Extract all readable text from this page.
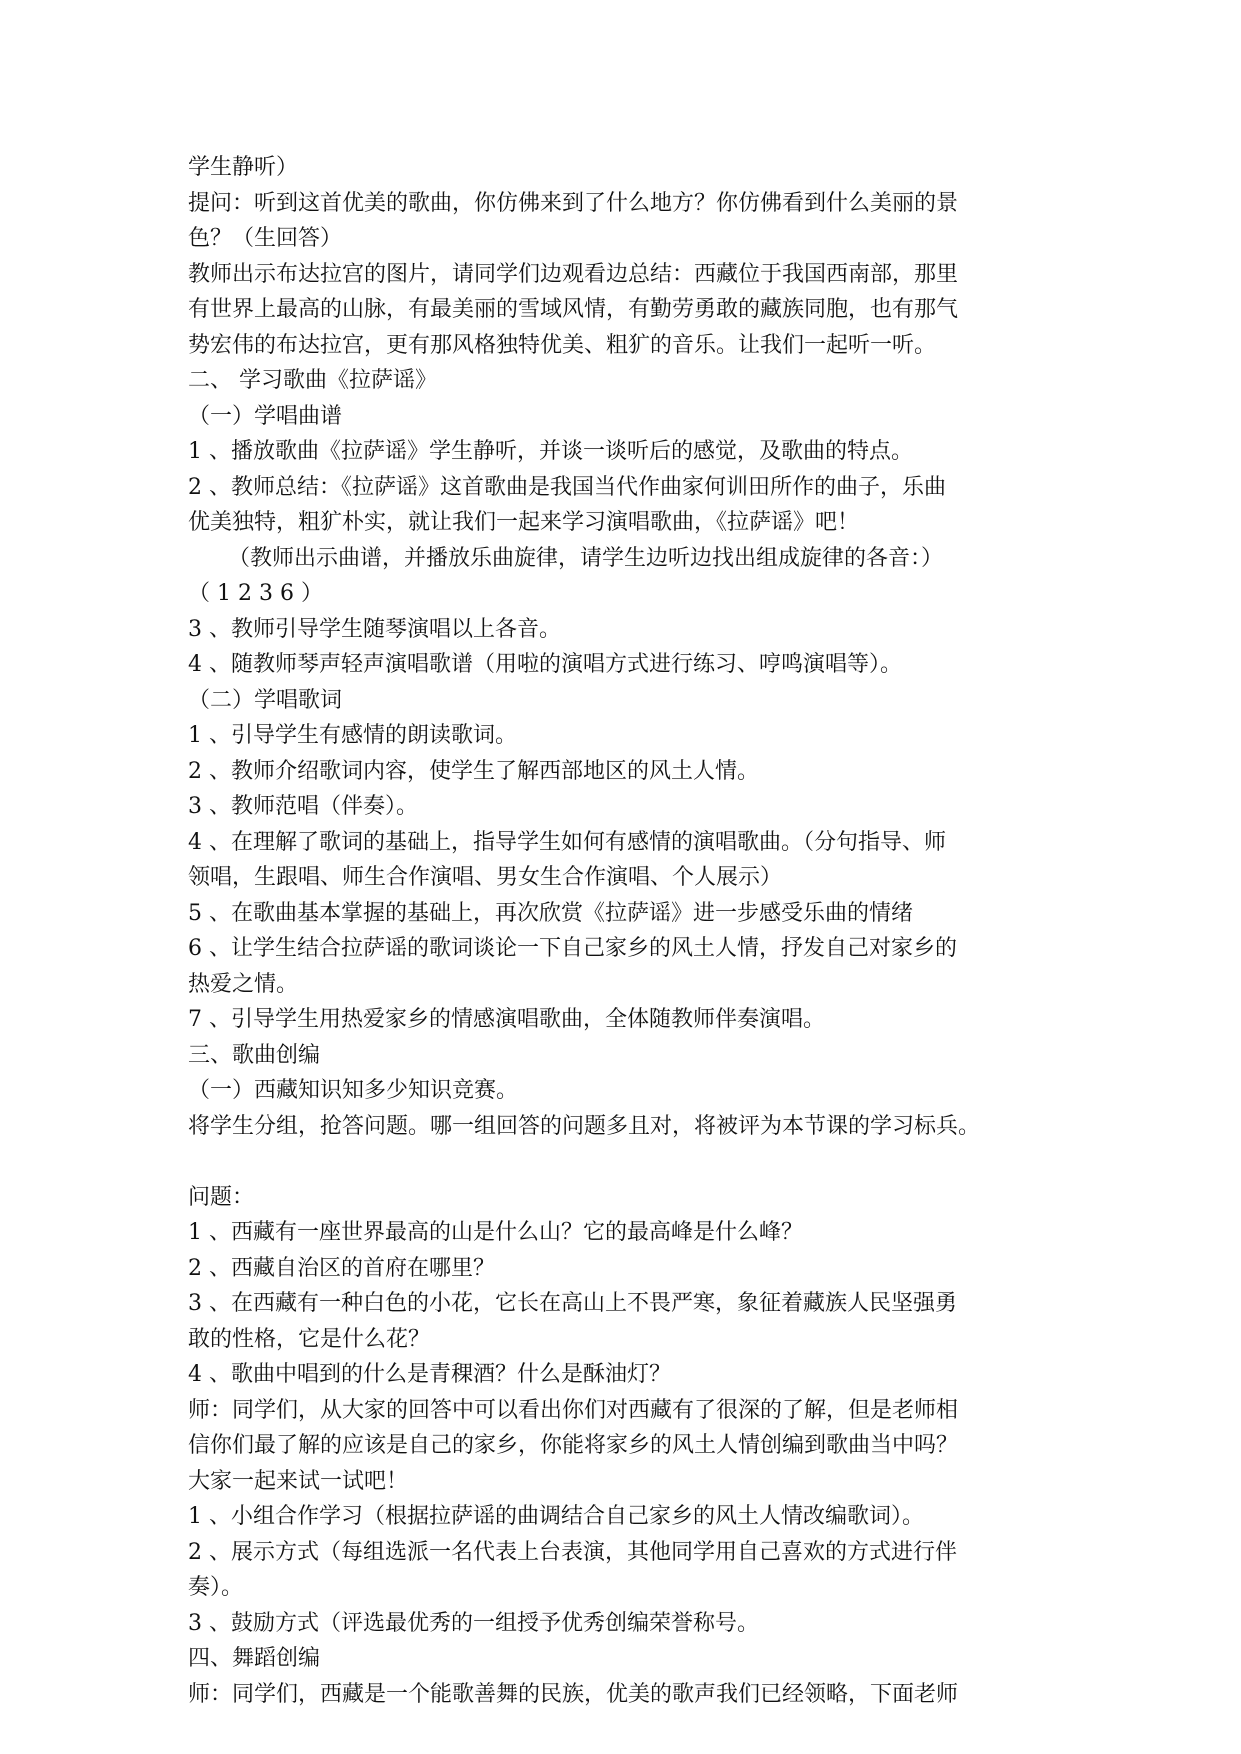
学生静听）
提问：听到这首优美的歌曲，你仿佛来到了什么地方？你仿佛看到什么美丽的景
色？（生回答）
教师出示布达拉宫的图片，请同学们边观看边总结：西藏位于我国西南部，那里
有世界上最高的山脉，有最美丽的雪域风情，有勤劳勇敢的藏族同胞，也有那气
势宏伟的布达拉宫，更有那风格独特优美、粗犷的音乐。让我们一起听一听。
二、 学习歌曲《拉萨谣》
（一）学唱曲谱
1 、播放歌曲《拉萨谣》学生静听，并谈一谈听后的感觉，及歌曲的特点。
2 、教师总结：《拉萨谣》这首歌曲是我国当代作曲家何训田所作的曲子，乐曲
优美独特，粗犷朴实，就让我们一起来学习演唱歌曲，《拉萨谣》吧！
（教师出示曲谱，并播放乐曲旋律，请学生边听边找出组成旋律的各音：）
（ 1 2 3 6 ）
3 、教师引导学生随琴演唱以上各音。
4 、随教师琴声轻声演唱歌谱（用啦的演唱方式进行练习、哼鸣演唱等）。
（二）学唱歌词
1 、引导学生有感情的朗读歌词。
2 、教师介绍歌词内容，使学生了解西部地区的风土人情。
3 、教师范唱（伴奏）。
4 、在理解了歌词的基础上，指导学生如何有感情的演唱歌曲。（分句指导、师
领唱，生跟唱、师生合作演唱、男女生合作演唱、个人展示）
5 、在歌曲基本掌握的基础上，再次欣赏《拉萨谣》进一步感受乐曲的情绪
6 、让学生结合拉萨谣的歌词谈论一下自己家乡的风土人情，抒发自己对家乡的
热爱之情。
7 、引导学生用热爱家乡的情感演唱歌曲，全体随教师伴奏演唱。
三、歌曲创编
（一）西藏知识知多少知识竞赛。
将学生分组，抢答问题。哪一组回答的问题多且对，将被评为本节课的学习标兵。
问题：
1 、西藏有一座世界最高的山是什么山？它的最高峰是什么峰？
2 、西藏自治区的首府在哪里？
3 、在西藏有一种白色的小花，它长在高山上不畏严寒，象征着藏族人民坚强勇
敢的性格，它是什么花？
4 、歌曲中唱到的什么是青稞酒？什么是酥油灯？
师：同学们，从大家的回答中可以看出你们对西藏有了很深的了解，但是老师相
信你们最了解的应该是自己的家乡，你能将家乡的风土人情创编到歌曲当中吗？
大家一起来试一试吧！
1 、小组合作学习（根据拉萨谣的曲调结合自己家乡的风土人情改编歌词）。
2 、展示方式（每组选派一名代表上台表演，其他同学用自己喜欢的方式进行伴
奏）。
3 、鼓励方式（评选最优秀的一组授予优秀创编荣誉称号。
四、舞蹈创编
师：同学们，西藏是一个能歌善舞的民族，优美的歌声我们已经领略，下面老师
